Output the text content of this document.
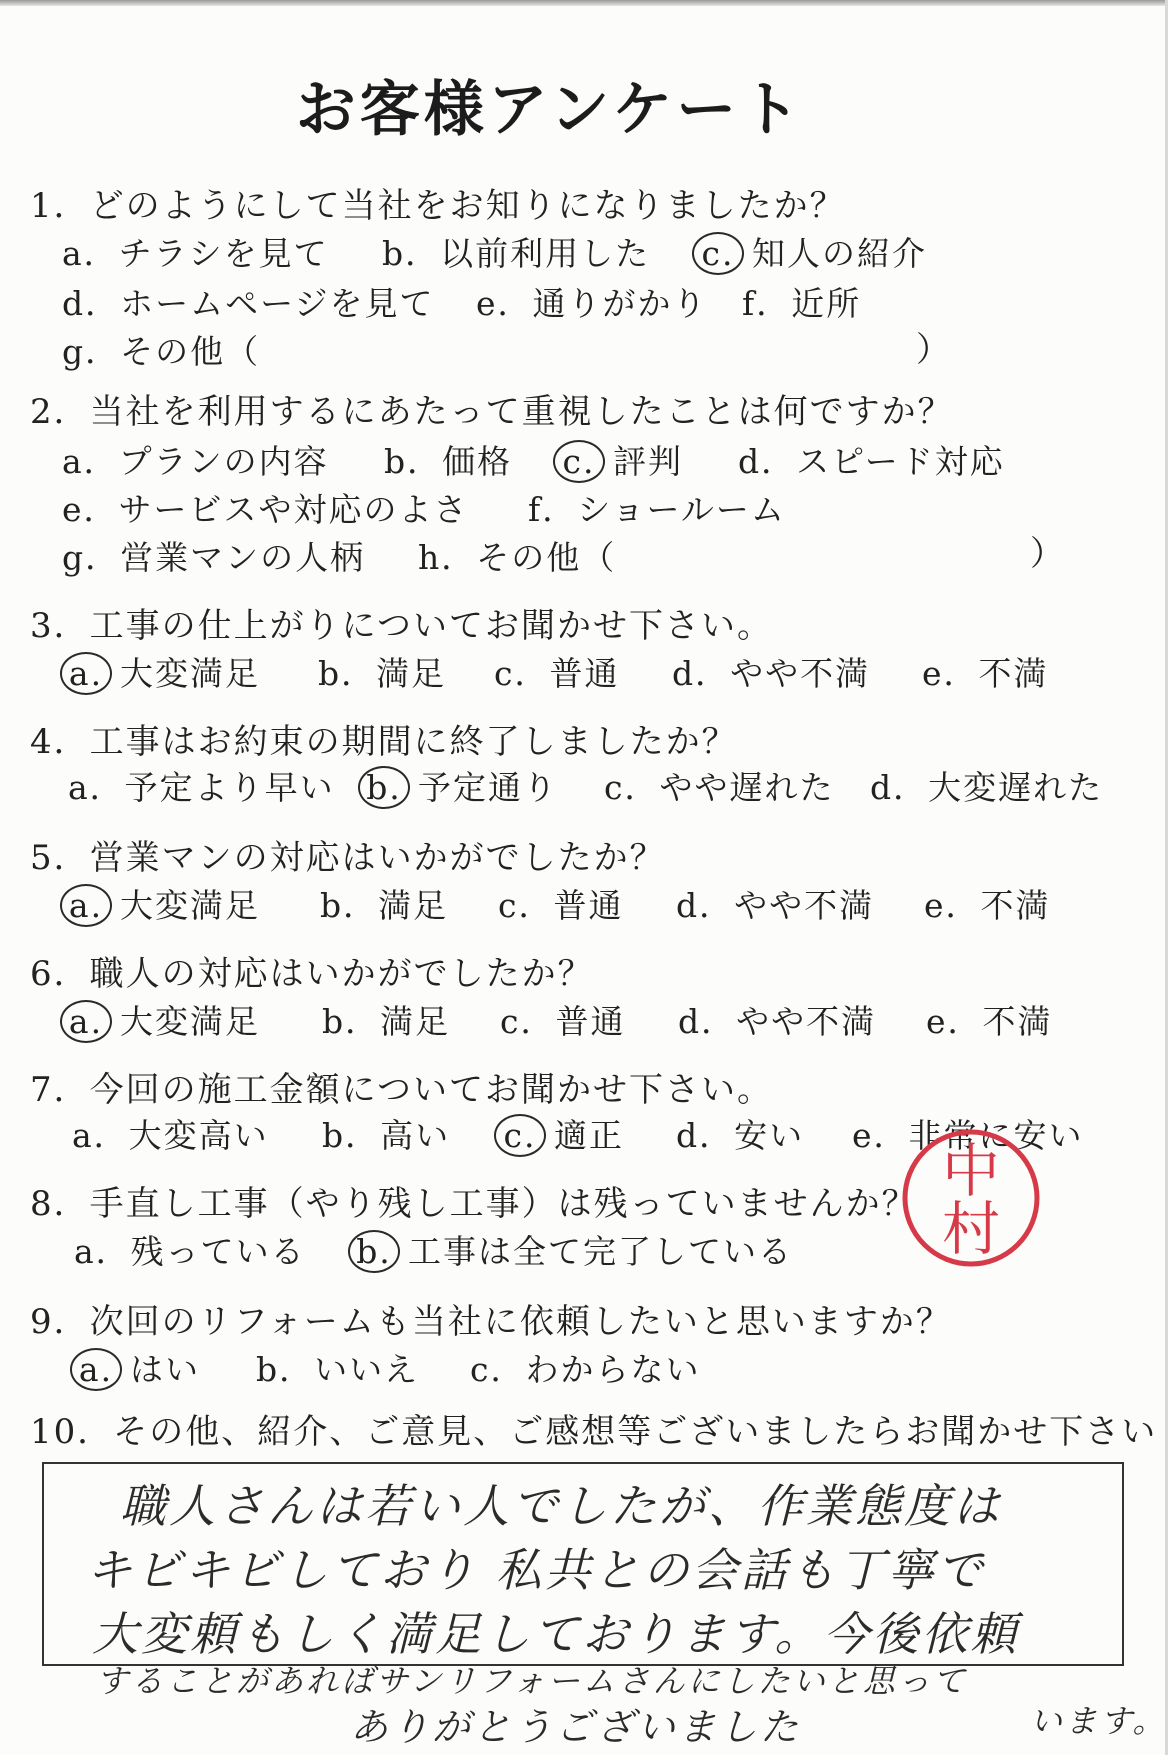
お客様アンケート
1．どのようにして当社をお知りになりましたか？
a．チラシを見て b．以前利用した c. 知人の紹介
d．ホームページを見て e．通りがかり f．近所
g．その他（	）
2．当社を利用するにあたって重視したことは何ですか？
a．プランの内容 b．価格 c. 評判 d．スピード対応
e．サービスや対応のよさ f．ショールーム
g．営業マンの人柄 h．その他（	）
3．工事の仕上がりについてお聞かせ下さい。
a. 大変満足 b．満足 c．普通 d．やや不満 e．不満
4．工事はお約束の期間に終了しましたか？
a．予定より早い b. 予定通り c．やや遅れた d．大変遅れた
5．営業マンの対応はいかがでしたか？
a. 大変満足 b．満足 c．普通 d．やや不満 e．不満
6．職人の対応はいかがでしたか？
a. 大変満足 b．満足 c．普通 d．やや不満 e．不満
7．今回の施工金額についてお聞かせ下さい。
a．大変高い b．高い c. 適正 d．安い e．非常に安い
8．手直し工事（やり残し工事）は残っていませんか？
a．残っている b. 工事は全て完了している
9．次回のリフォームも当社に依頼したいと思いますか？
a. はい b．いいえ c．わからない
10．その他、紹介、ご意見、ご感想等ございましたらお聞かせ下さい
職人さんは若い人でしたが、作業態度は
キビキビしており 私共との会話も丁寧で
大変頼もしく満足しております。今後依頼
することがあればサンリフォームさんにしたいと思って
ありがとうございました	います。
中
村
